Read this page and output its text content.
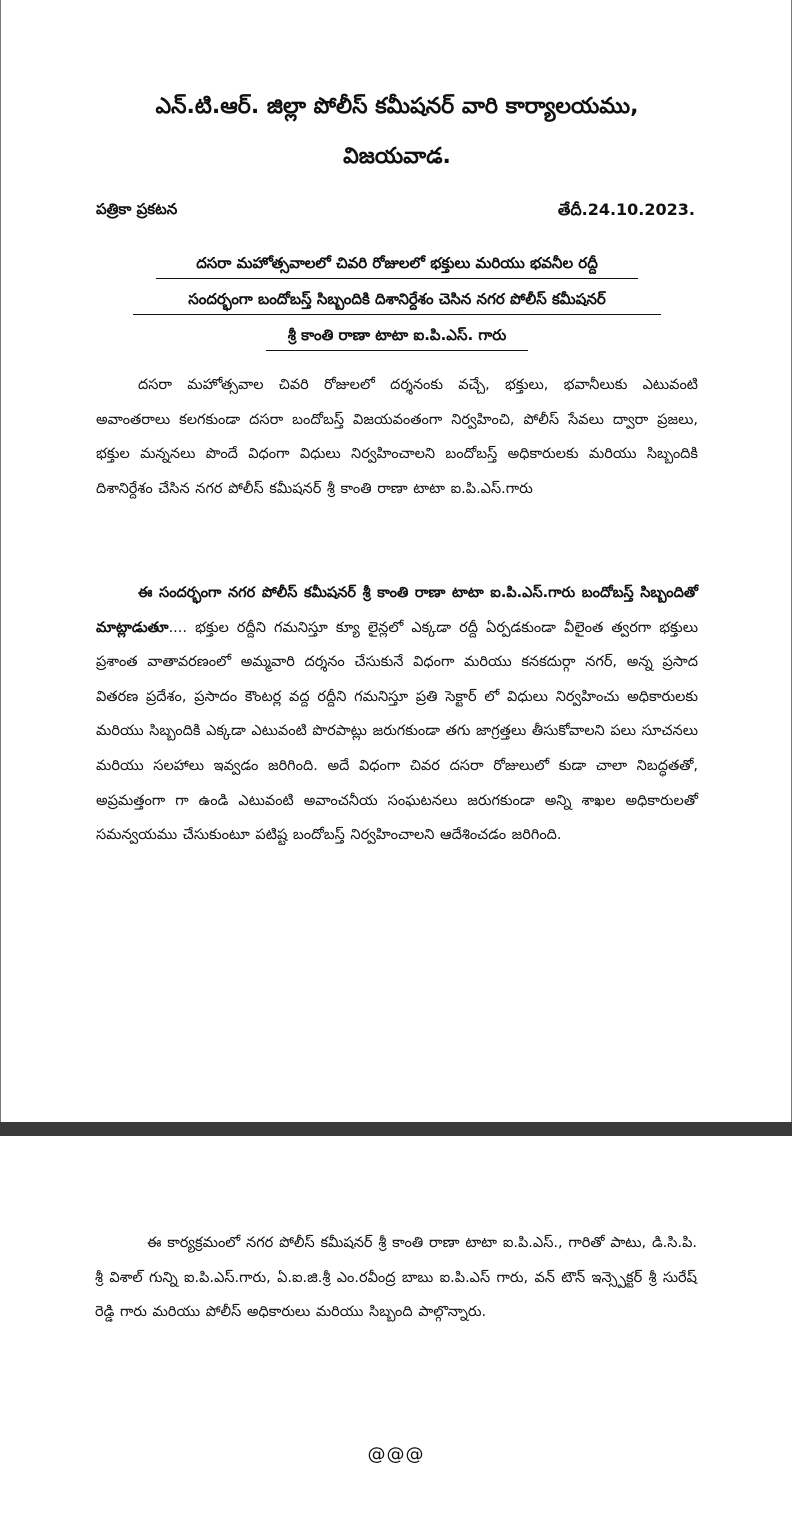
ఎన్.టి.ఆర్. జిల్లా పోలీస్ కమీషనర్ వారి కార్యాలయము,
విజయవాడ.
పత్రికా ప్రకటన	తేదీ.24.10.2023.
దసరా మహోత్సవాలలో చివరి రోజులలో భక్తులు మరియు భవనీల రద్దీ
సందర్భంగా బందోబస్త్ సిబ్బందికి దిశానిర్దేశం చెసిన నగర పోలీస్ కమీషనర్
శ్రీ కాంతి రాణా టాటా ఐ.పి.ఎస్. గారు
దసరా మహోత్సవాల చివరి రోజులలో దర్శనంకు వచ్చే, భక్తులు, భవానీలుకు ఎటువంటి అవాంతరాలు కలగకుండా దసరా బందోబస్త్ విజయవంతంగా నిర్వహించి, పోలీస్ సేవలు ద్వారా ప్రజలు, భక్తుల మన్ననలు పొందే విధంగా విధులు నిర్వహించాలని బందోబస్త్ అధికారులకు మరియు సిబ్బందికి దిశానిర్దేశం చేసిన నగర పోలీస్ కమీషనర్ శ్రీ కాంతి రాణా టాటా ఐ.పి.ఎస్.గారు
ఈ సందర్భంగా నగర పోలీస్ కమీషనర్ శ్రీ కాంతి రాణా టాటా ఐ.పి.ఎస్.గారు బందోబస్త్ సిబ్బందితో మాట్లాడుతూ.... భక్తుల రద్దీని గమనిస్తూ క్యూ లైన్లలో ఎక్కడా రద్దీ ఏర్పడకుండా వీలైంత త్వరగా భక్తులు ప్రశాంత వాతావరణంలో అమ్మవారి దర్శనం చేసుకునే విధంగా మరియు కనకదుర్గా నగర్, అన్న ప్రసాద వితరణ ప్రదేశం, ప్రసాదం కౌంటర్ల వద్ద రద్దీని గమనిస్తూ ప్రతి సెక్టార్ లో విధులు నిర్వహించు అధికారులకు మరియు సిబ్బందికి ఎక్కడా ఎటువంటి పొరపాట్లు జరుగకుండా తగు జాగ్రత్తలు తీసుకోవాలని పలు సూచనలు మరియు సలహాలు ఇవ్వడం జరిగింది. అదే విధంగా చివర దసరా రోజులులో కుడా చాలా నిబద్ధతతో, అప్రమత్తంగా గా ఉండి ఎటువంటి అవాంచనీయ సంఘటనలు జరుగకుండా అన్ని శాఖల అధికారులతో సమన్వయము చేసుకుంటూ పటిష్ట బందోబస్త్ నిర్వహించాలని ఆదేశించడం జరిగింది.
ఈ కార్యక్రమంలో నగర పోలీస్ కమీషనర్ శ్రీ కాంతి రాణా టాటా ఐ.పి.ఎస్., గారితో పాటు, డి.సి.పి. శ్రీ విశాల్ గున్ని ఐ.పి.ఎస్.గారు, ఏ.ఐ.జి.శ్రీ ఎం.రవీంద్ర బాబు ఐ.పి.ఎస్ గారు, వన్ టౌన్ ఇన్స్పెక్టర్ శ్రీ సురేష్ రెడ్డి గారు మరియు పోలీస్ అధికారులు మరియు సిబ్బంది పాల్గొన్నారు.
@@@
